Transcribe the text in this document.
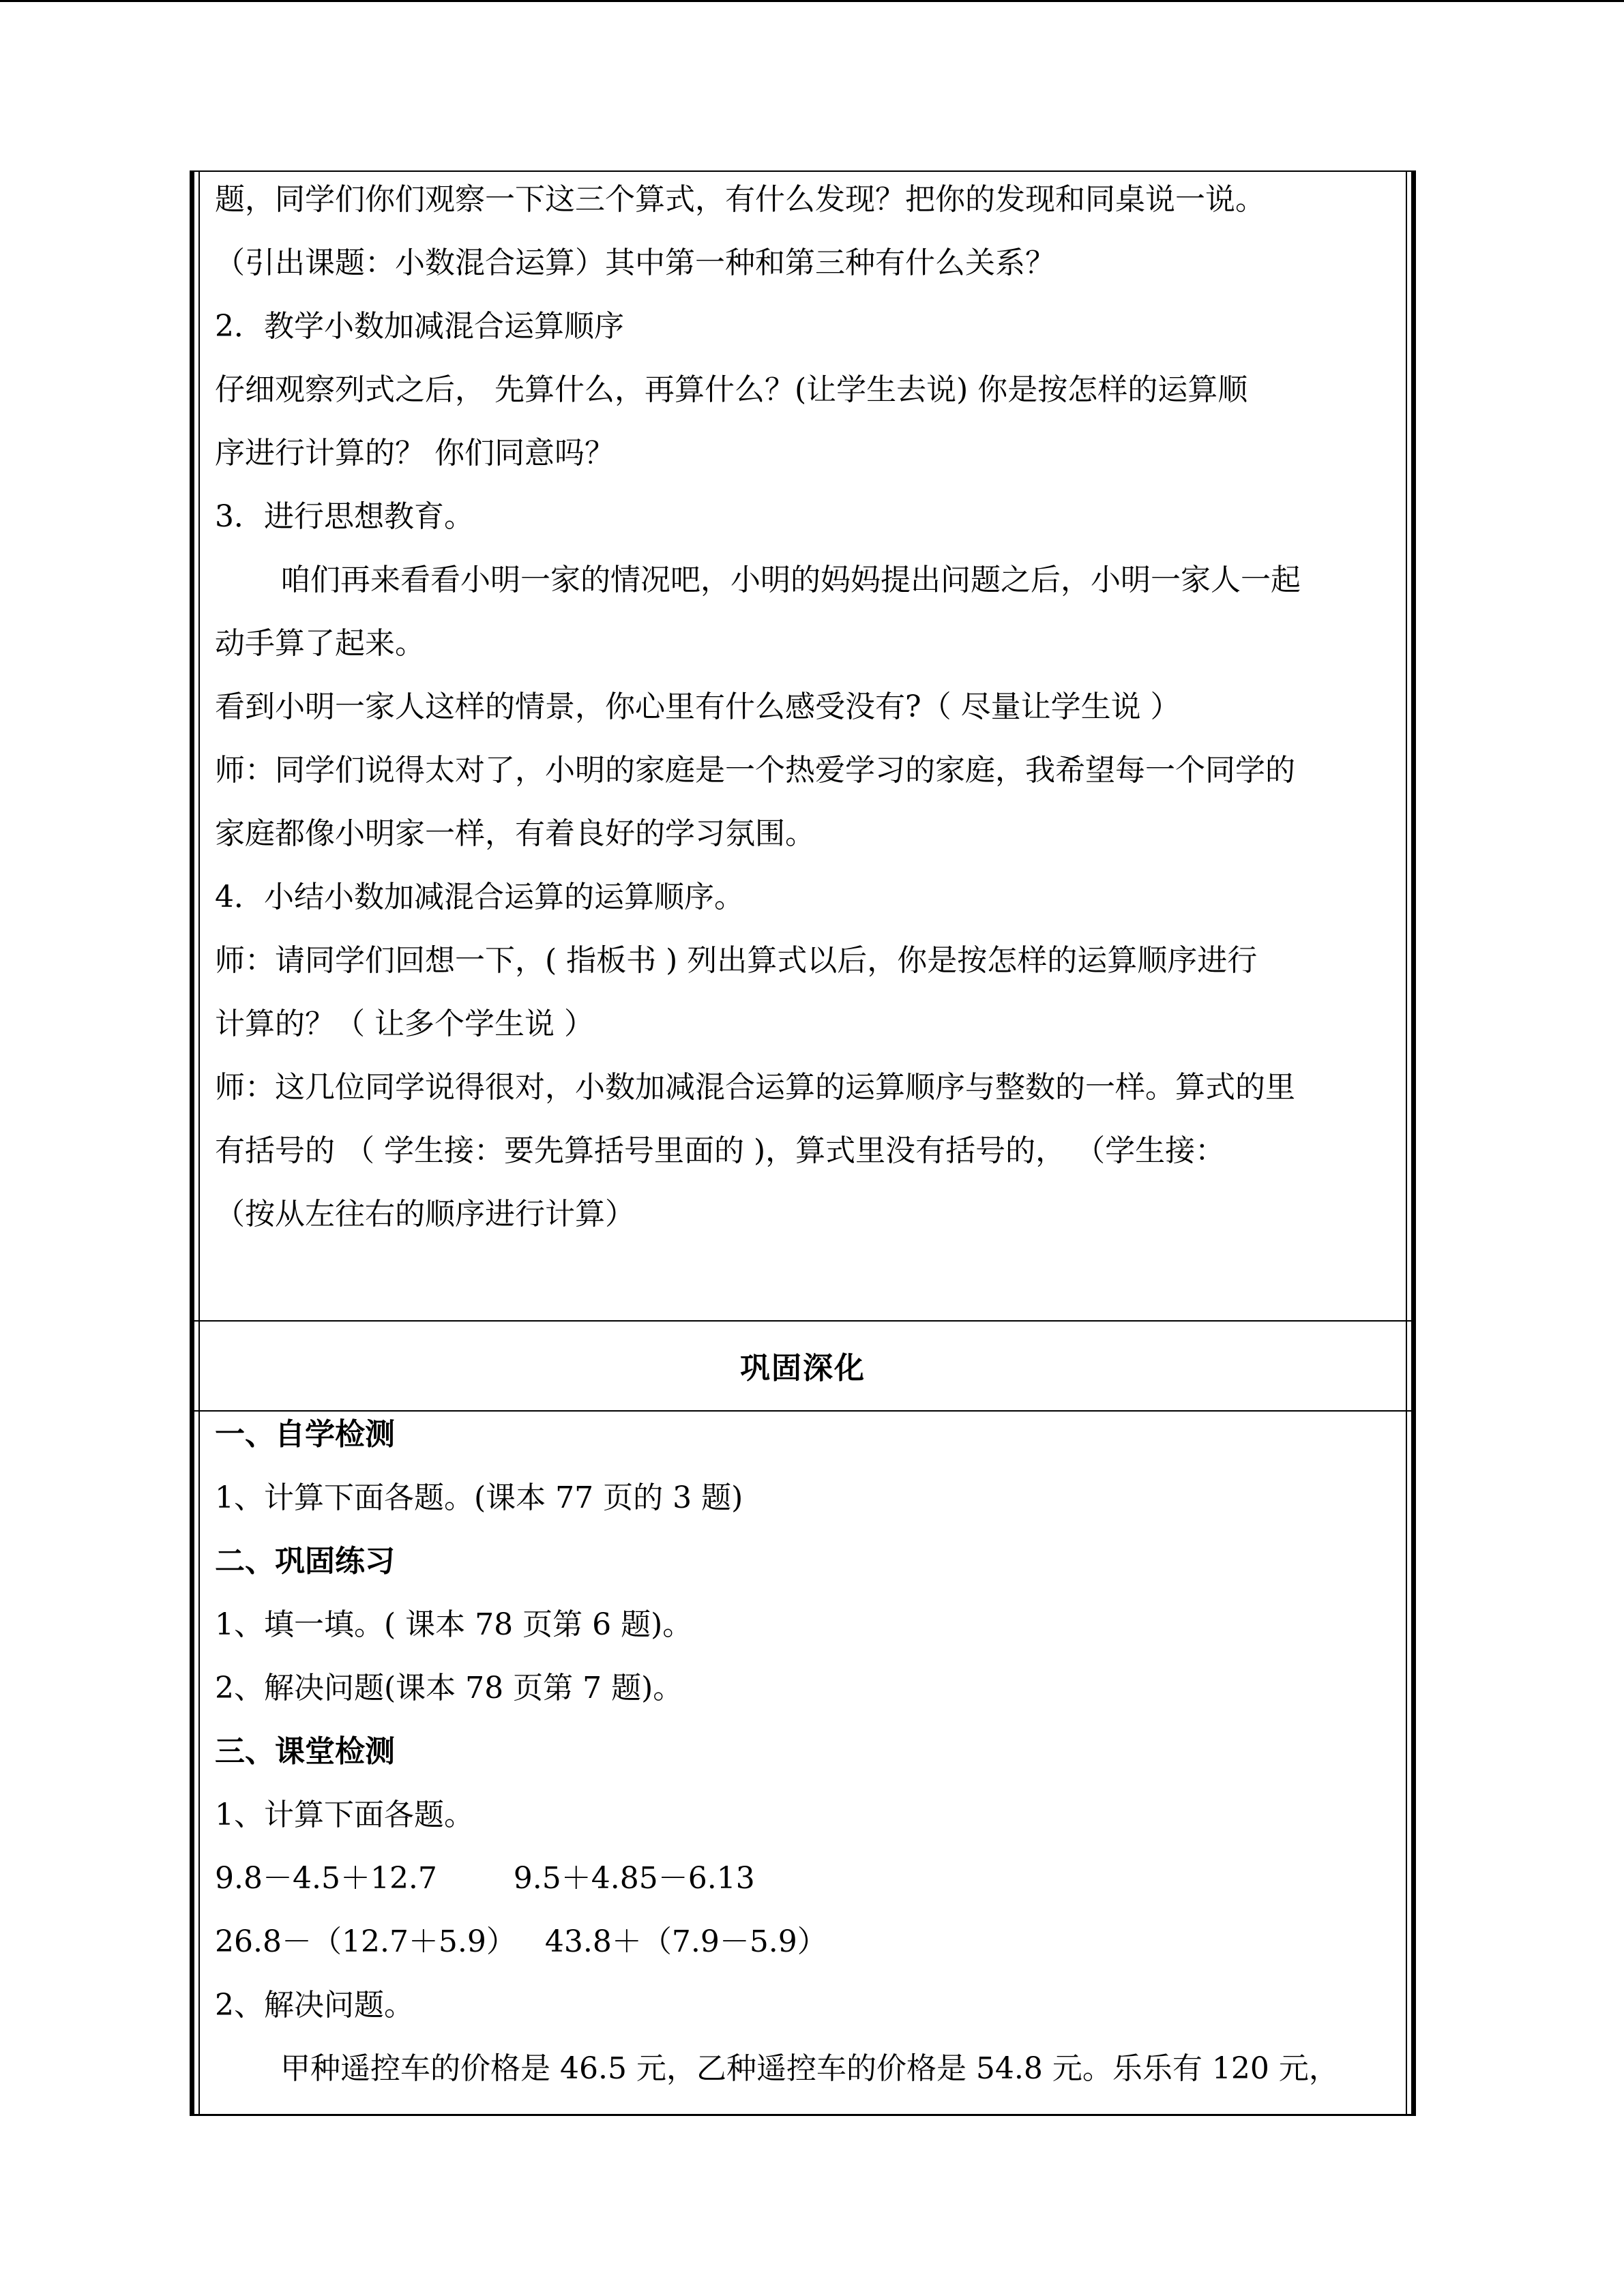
题，同学们你们观察一下这三个算式，有什么发现？把你的发现和同桌说一说。
（引出课题：小数混合运算）其中第一种和第三种有什么关系？
2．教学小数加减混合运算顺序
仔细观察列式之后， 先算什么，再算什么？(让学生去说) 你是按怎样的运算顺
序进行计算的？ 你们同意吗？
3．进行思想教育。
咱们再来看看小明一家的情况吧，小明的妈妈提出问题之后，小明一家人一起
动手算了起来。
看到小明一家人这样的情景，你心里有什么感受没有?（ 尽量让学生说 ）
师：同学们说得太对了，小明的家庭是一个热爱学习的家庭，我希望每一个同学的
家庭都像小明家一样，有着良好的学习氛围。
4．小结小数加减混合运算的运算顺序。
师：请同学们回想一下，( 指板书 ) 列出算式以后，你是按怎样的运算顺序进行
计算的？（ 让多个学生说 ）
师：这几位同学说得很对，小数加减混合运算的运算顺序与整数的一样。算式的里
有括号的 （ 学生接：要先算括号里面的 )，算式里没有括号的， （学生接：
（按从左往右的顺序进行计算）
巩固深化
一、自学检测
1、计算下面各题。(课本 77 页的 3 题)
二、巩固练习
1、填一填。( 课本 78 页第 6 题)。
2、解决问题(课本 78 页第 7 题)。
三、课堂检测
1、计算下面各题。
9.8－4.5＋12.7        9.5＋4.85－6.13
26.8－（12.7＋5.9）   43.8＋（7.9－5.9）
2、解决问题。
甲种遥控车的价格是 46.5 元，乙种遥控车的价格是 54.8 元。乐乐有 120 元，
